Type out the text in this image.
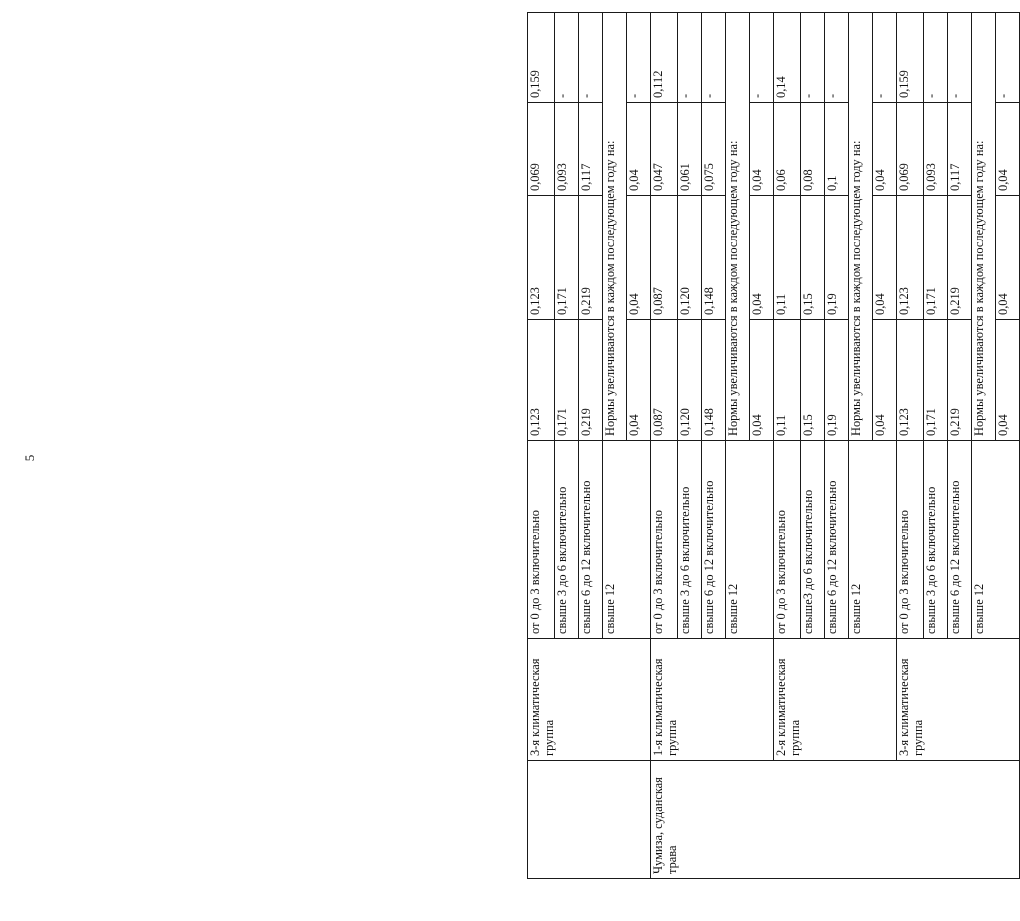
5
	3-я климатическая группа	от 0 до 3 включительно	0,123	0,123	0,069	0,159
		свыше 3 до 6 включительно	0,171	0,171	0,093	-
		свыше 6 до 12 включительно	0,219	0,219	0,117	-
		свыше 12	Нормы увеличиваются в каждом последующем году на:			
			0,04	0,04	0,04	-
Чумиза, суданская трава	1-я климатическая группа	от 0 до 3 включительно	0,087	0,087	0,047	0,112
		свыше 3 до 6 включительно	0,120	0,120	0,061	-
		свыше 6 до 12 включительно	0,148	0,148	0,075	-
		свыше 12	Нормы увеличиваются в каждом последующем году на:			
			0,04	0,04	0,04	-
	2-я климатическая группа	от 0 до 3 включительно	0,11	0,11	0,06	0,14
		свыше3 до 6 включительно	0,15	0,15	0,08	-
		свыше 6 до 12 включительно	0,19	0,19	0,1	-
		свыше 12	Нормы увеличиваются в каждом последующем году на:			
			0,04	0,04	0,04	-
	3-я климатическая группа	от 0 до 3 включительно	0,123	0,123	0,069	0,159
		свыше 3 до 6 включительно	0,171	0,171	0,093	-
		свыше 6 до 12 включительно	0,219	0,219	0,117	-
		свыше 12	Нормы увеличиваются в каждом последующем году на:			
			0,04	0,04	0,04	-
